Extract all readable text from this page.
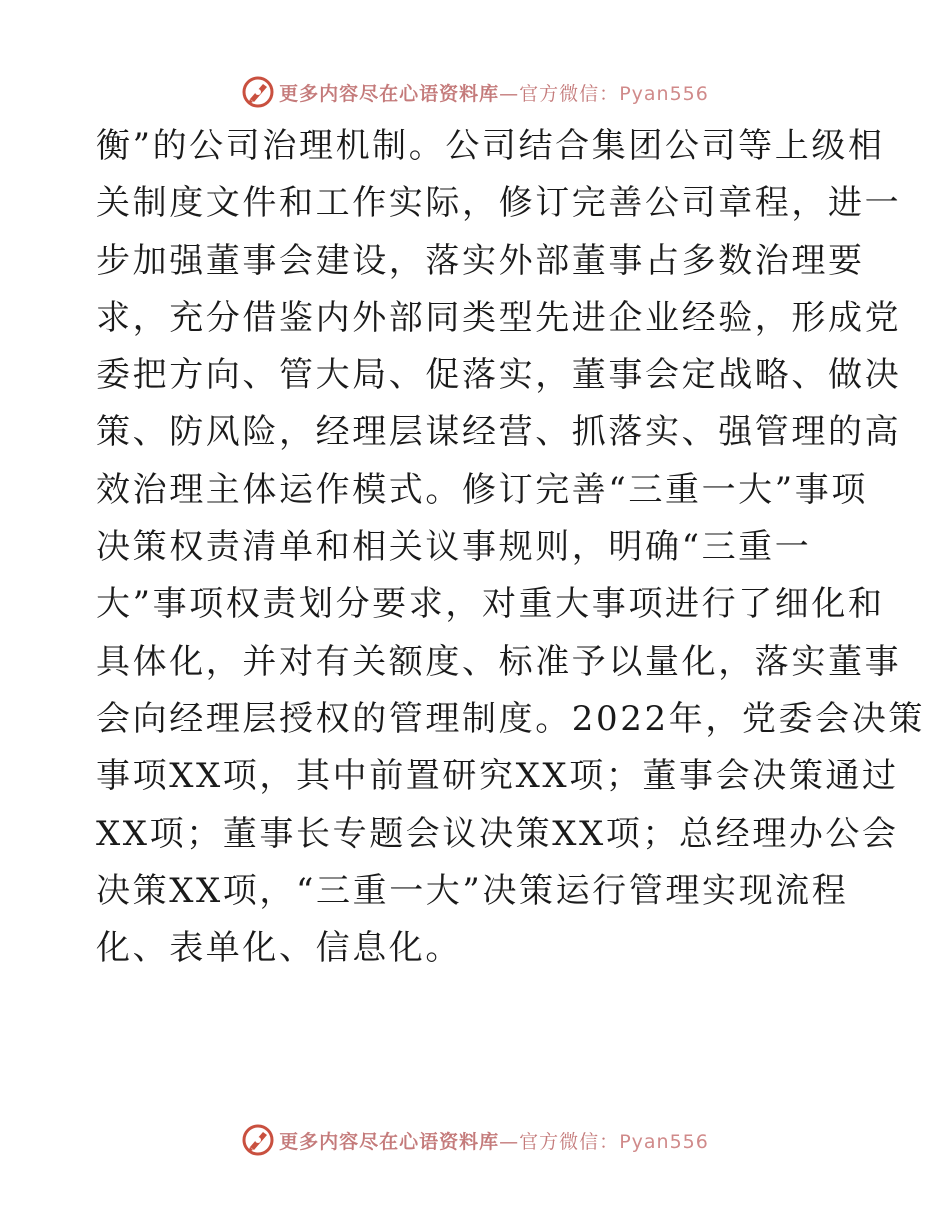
更多内容尽在心语资料库—官方微信：Pyan556
衡”的公司治理机制。公司结合集团公司等上级相
关制度文件和工作实际，修订完善公司章程，进一
步加强董事会建设，落实外部董事占多数治理要
求，充分借鉴内外部同类型先进企业经验，形成党
委把方向、管大局、促落实，董事会定战略、做决
策、防风险，经理层谋经营、抓落实、强管理的高
效治理主体运作模式。修订完善“三重一大”事项
决策权责清单和相关议事规则，明确“三重一
大”事项权责划分要求，对重大事项进行了细化和
具体化，并对有关额度、标准予以量化，落实董事
会向经理层授权的管理制度。2022年，党委会决策
事项XX项，其中前置研究XX项；董事会决策通过
XX项；董事长专题会议决策XX项；总经理办公会
决策XX项，“三重一大”决策运行管理实现流程
化、表单化、信息化。
更多内容尽在心语资料库—官方微信：Pyan556
